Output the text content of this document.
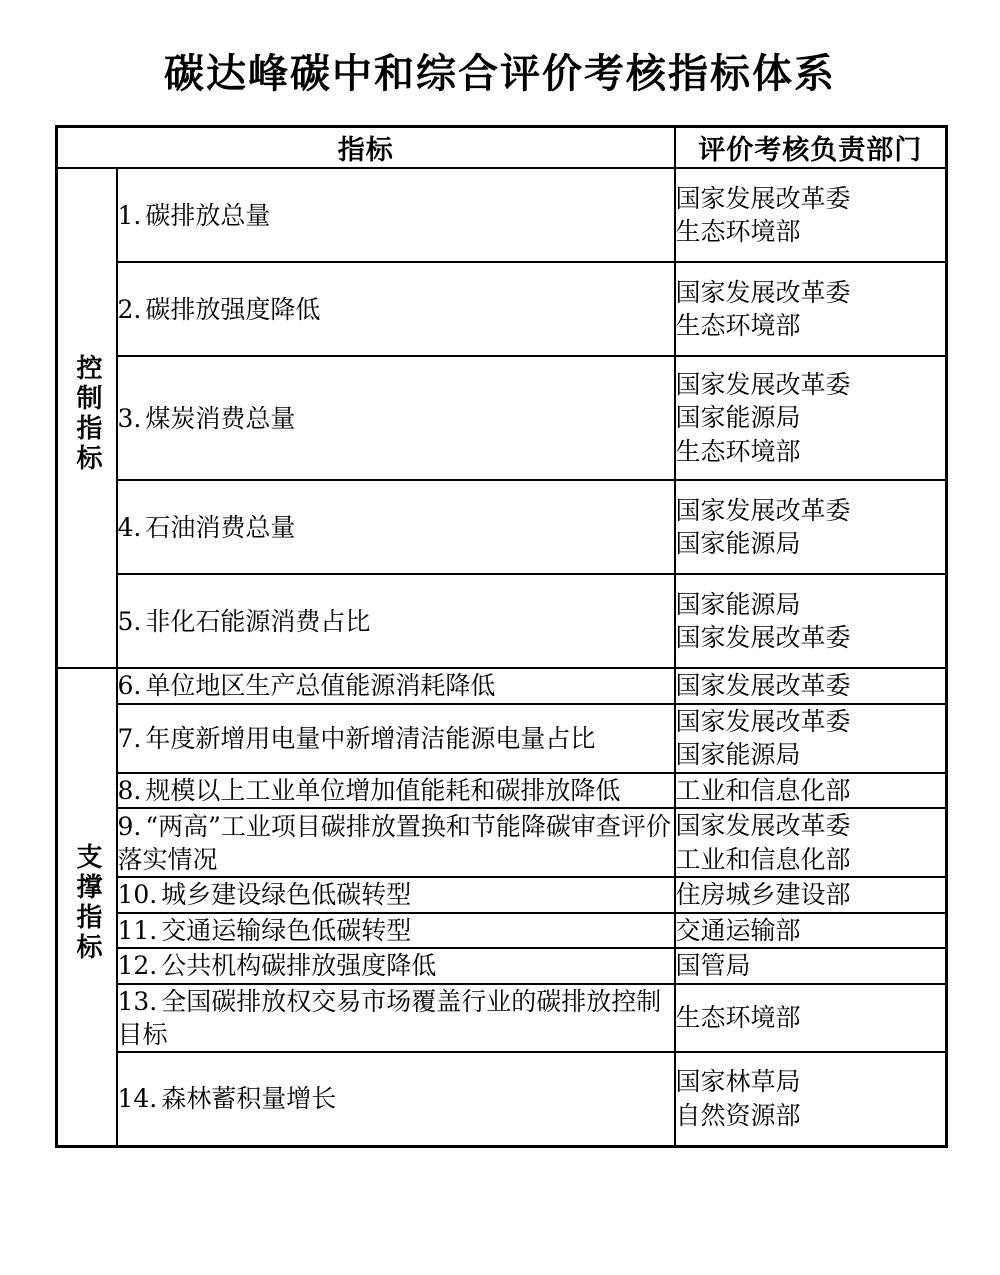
碳达峰碳中和综合评价考核指标体系
指标		评价考核负责部门
控制指标	1. 碳排放总量	国家发展改革委
生态环境部

	2. 碳排放强度降低	国家发展改革委
生态环境部

	3. 煤炭消费总量	国家发展改革委
国家能源局
生态环境部

	4. 石油消费总量	国家发展改革委
国家能源局

	5. 非化石能源消费占比	国家能源局
国家发展改革委

支撑指标	6. 单位地区生产总值能源消耗降低	国家发展改革委

	7. 年度新增用电量中新增清洁能源电量占比	国家发展改革委
国家能源局

	8. 规模以上工业单位增加值能耗和碳排放降低	工业和信息化部

	9. “两高”工业项目碳排放置换和节能降碳审查评价落实情况	国家发展改革委
工业和信息化部

	10. 城乡建设绿色低碳转型	住房城乡建设部

	11. 交通运输绿色低碳转型	交通运输部

	12. 公共机构碳排放强度降低	国管局

	13. 全国碳排放权交易市场覆盖行业的碳排放控制目标	生态环境部

	14. 森林蓄积量增长	国家林草局
自然资源部
